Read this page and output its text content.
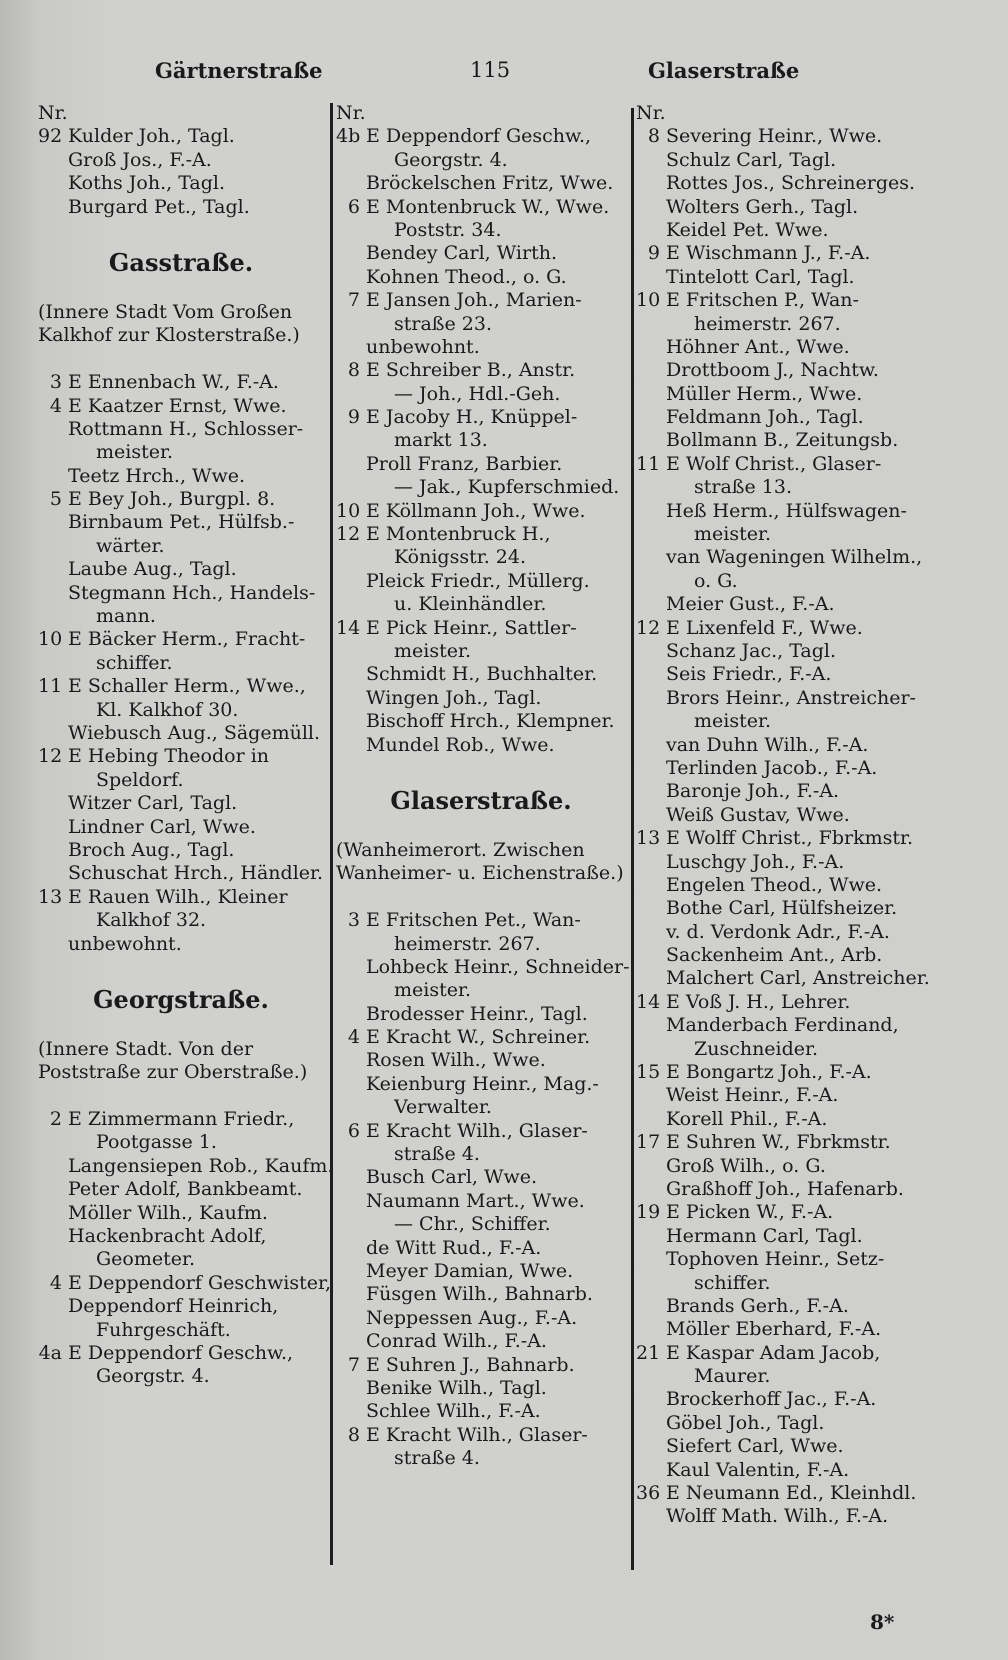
Gärtnerstraße	115	Glaserstraße
Nr.
92 Kulder Joh., Tagl.
Groß Jos., F.-A.
Koths Joh., Tagl.
Burgard Pet., Tagl.
Gasstraße.
(Innere Stadt Vom Großen
Kalkhof zur Klosterstraße.)
3 E Ennenbach W., F.-A.
4 E Kaatzer Ernst, Wwe.
Rottmann H., Schlosser-
meister.
Teetz Hrch., Wwe.
5 E Bey Joh., Burgpl. 8.
Birnbaum Pet., Hülfsb.-
wärter.
Laube Aug., Tagl.
Stegmann Hch., Handels-
mann.
10 E Bäcker Herm., Fracht-
schiffer.
11 E Schaller Herm., Wwe.,
Kl. Kalkhof 30.
Wiebusch Aug., Sägemüll.
12 E Hebing Theodor in
Speldorf.
Witzer Carl, Tagl.
Lindner Carl, Wwe.
Broch Aug., Tagl.
Schuschat Hrch., Händler.
13 E Rauen Wilh., Kleiner
Kalkhof 32.
unbewohnt.
Georgstraße.
(Innere Stadt. Von der
Poststraße zur Oberstraße.)
2 E Zimmermann Friedr.,
Pootgasse 1.
Langensiepen Rob., Kaufm.
Peter Adolf, Bankbeamt.
Möller Wilh., Kaufm.
Hackenbracht Adolf,
Geometer.
4 E Deppendorf Geschwister,
Deppendorf Heinrich,
Fuhrgeschäft.
4a E Deppendorf Geschw.,
Georgstr. 4.
Nr.
4b E Deppendorf Geschw.,
Georgstr. 4.
Bröckelschen Fritz, Wwe.
6 E Montenbruck W., Wwe.
Poststr. 34.
Bendey Carl, Wirth.
Kohnen Theod., o. G.
7 E Jansen Joh., Marien-
straße 23.
unbewohnt.
8 E Schreiber B., Anstr.
— Joh., Hdl.-Geh.
9 E Jacoby H., Knüppel-
markt 13.
Proll Franz, Barbier.
— Jak., Kupferschmied.
10 E Köllmann Joh., Wwe.
12 E Montenbruck H.,
Königsstr. 24.
Pleick Friedr., Müllerg.
u. Kleinhändler.
14 E Pick Heinr., Sattler-
meister.
Schmidt H., Buchhalter.
Wingen Joh., Tagl.
Bischoff Hrch., Klempner.
Mundel Rob., Wwe.
Glaserstraße.
(Wanheimerort. Zwischen
Wanheimer- u. Eichenstraße.)
3 E Fritschen Pet., Wan-
heimerstr. 267.
Lohbeck Heinr., Schneider-
meister.
Brodesser Heinr., Tagl.
4 E Kracht W., Schreiner.
Rosen Wilh., Wwe.
Keienburg Heinr., Mag.-
Verwalter.
6 E Kracht Wilh., Glaser-
straße 4.
Busch Carl, Wwe.
Naumann Mart., Wwe.
— Chr., Schiffer.
de Witt Rud., F.-A.
Meyer Damian, Wwe.
Füsgen Wilh., Bahnarb.
Neppessen Aug., F.-A.
Conrad Wilh., F.-A.
7 E Suhren J., Bahnarb.
Benike Wilh., Tagl.
Schlee Wilh., F.-A.
8 E Kracht Wilh., Glaser-
straße 4.
Nr.
8 Severing Heinr., Wwe.
Schulz Carl, Tagl.
Rottes Jos., Schreinerges.
Wolters Gerh., Tagl.
Keidel Pet. Wwe.
9 E Wischmann J., F.-A.
Tintelott Carl, Tagl.
10 E Fritschen P., Wan-
heimerstr. 267.
Höhner Ant., Wwe.
Drottboom J., Nachtw.
Müller Herm., Wwe.
Feldmann Joh., Tagl.
Bollmann B., Zeitungsb.
11 E Wolf Christ., Glaser-
straße 13.
Heß Herm., Hülfswagen-
meister.
van Wageningen Wilhelm.,
o. G.
Meier Gust., F.-A.
12 E Lixenfeld F., Wwe.
Schanz Jac., Tagl.
Seis Friedr., F.-A.
Brors Heinr., Anstreicher-
meister.
van Duhn Wilh., F.-A.
Terlinden Jacob., F.-A.
Baronje Joh., F.-A.
Weiß Gustav, Wwe.
13 E Wolff Christ., Fbrkmstr.
Luschgy Joh., F.-A.
Engelen Theod., Wwe.
Bothe Carl, Hülfsheizer.
v. d. Verdonk Adr., F.-A.
Sackenheim Ant., Arb.
Malchert Carl, Anstreicher.
14 E Voß J. H., Lehrer.
Manderbach Ferdinand,
Zuschneider.
15 E Bongartz Joh., F.-A.
Weist Heinr., F.-A.
Korell Phil., F.-A.
17 E Suhren W., Fbrkmstr.
Groß Wilh., o. G.
Graßhoff Joh., Hafenarb.
19 E Picken W., F.-A.
Hermann Carl, Tagl.
Tophoven Heinr., Setz-
schiffer.
Brands Gerh., F.-A.
Möller Eberhard, F.-A.
21 E Kaspar Adam Jacob,
Maurer.
Brockerhoff Jac., F.-A.
Göbel Joh., Tagl.
Siefert Carl, Wwe.
Kaul Valentin, F.-A.
36 E Neumann Ed., Kleinhdl.
Wolff Math. Wilh., F.-A.
8*
